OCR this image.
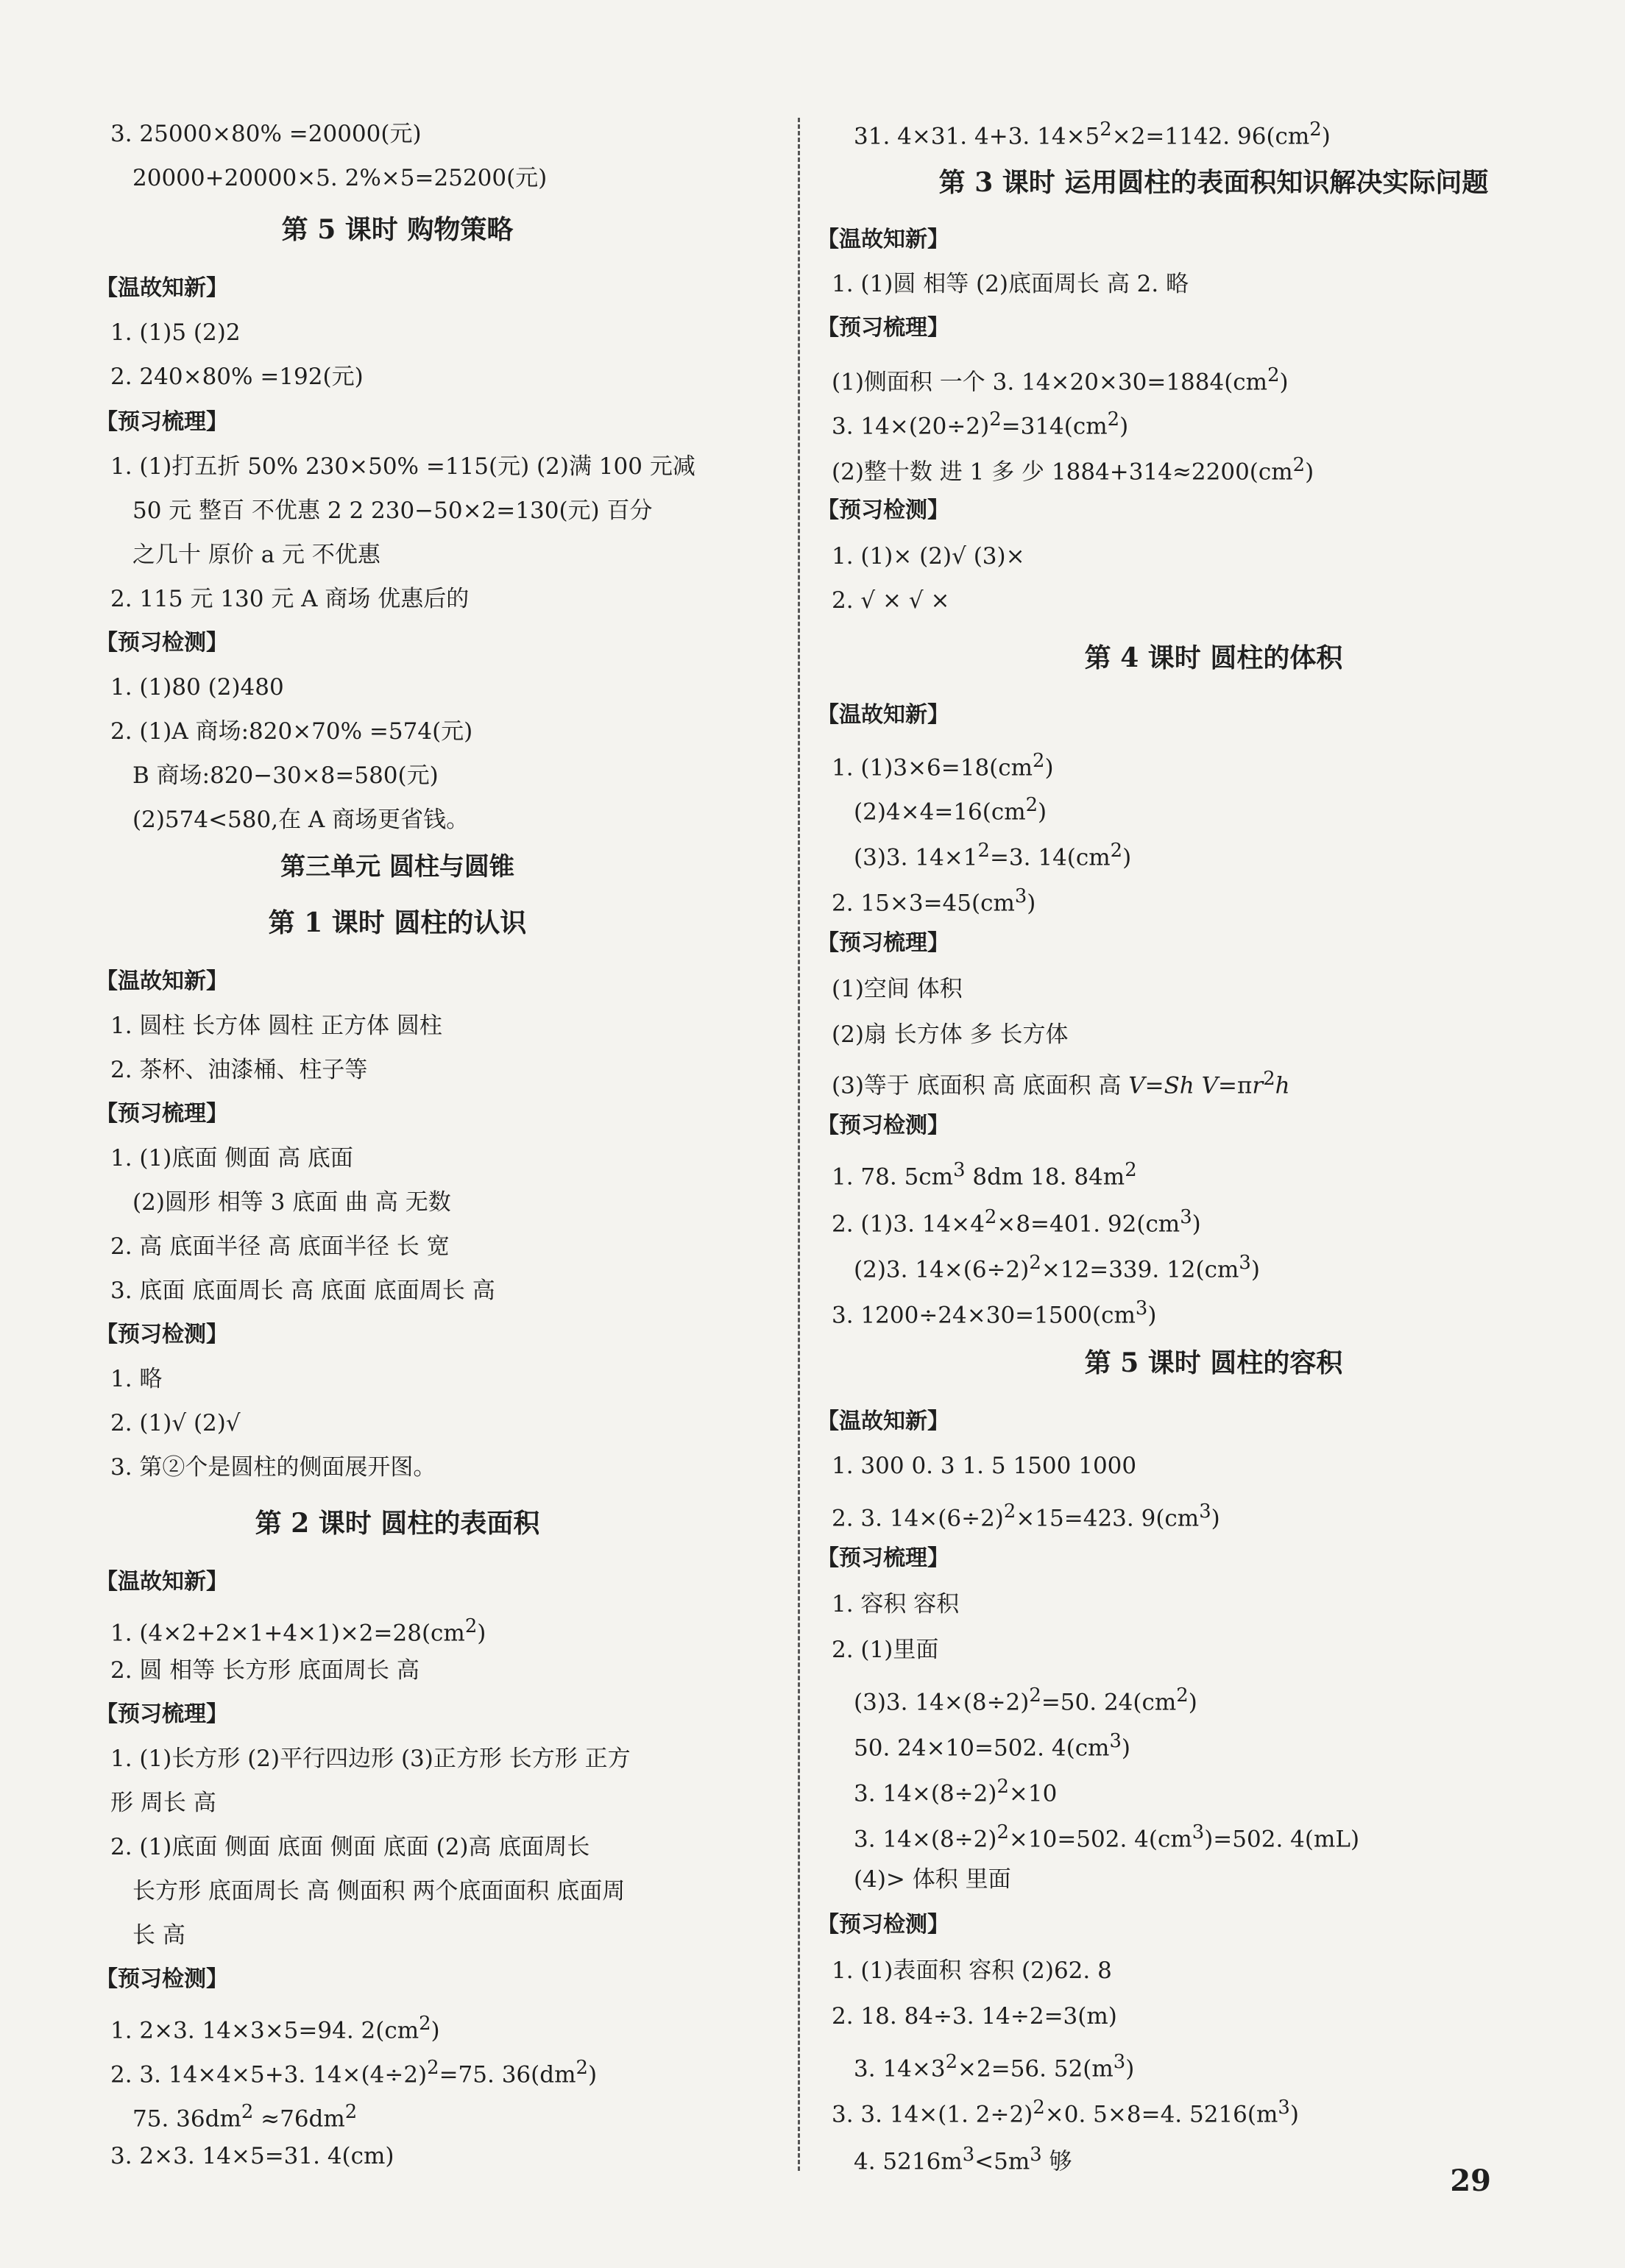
3. 25000×80% =20000(元)
20000+20000×5. 2%×5=25200(元)
第 5 课时 购物策略
【温故知新】
1. (1)5 (2)2
2. 240×80% =192(元)
【预习梳理】
1. (1)打五折 50% 230×50% =115(元) (2)满 100 元减
50 元 整百 不优惠 2 2 230−50×2=130(元) 百分
之几十 原价 a 元 不优惠
2. 115 元 130 元 A 商场 优惠后的
【预习检测】
1. (1)80 (2)480
2. (1)A 商场:820×70% =574(元)
B 商场:820−30×8=580(元)
(2)574<580,在 A 商场更省钱。
第三单元 圆柱与圆锥
第 1 课时 圆柱的认识
【温故知新】
1. 圆柱 长方体 圆柱 正方体 圆柱
2. 茶杯、油漆桶、柱子等
【预习梳理】
1. (1)底面 侧面 高 底面
(2)圆形 相等 3 底面 曲 高 无数
2. 高 底面半径 高 底面半径 长 宽
3. 底面 底面周长 高 底面 底面周长 高
【预习检测】
1. 略
2. (1)√ (2)√
3. 第②个是圆柱的侧面展开图。
第 2 课时 圆柱的表面积
【温故知新】
1. $(4\times 2+2\times 1+4\times 1)\times 2=28(cm^2)$
2. 圆 相等 长方形 底面周长 高
【预习梳理】
1. (1)长方形 (2)平行四边形 (3)正方形 长方形 正方
形 周长 高
2. (1)底面 侧面 底面 侧面 底面 (2)高 底面周长
长方形 底面周长 高 侧面积 两个底面面积 底面周
长 高
【预习检测】
1. 2×3. 14×3×5=94. $2(cm^2)$
2. 3. 14×4×5+3. $14\times(4\div 2)^2=75$. $36(dm^2)$
75. $36dm^2 \approx 76dm^2$
3. 2×3. 14×5=31. 4(cm)
31. 4×31. 4+3. $14\times 5^2\times 2=1142$. $96(cm^2)$
第 3 课时 运用圆柱的表面积知识解决实际问题
【温故知新】
1. (1)圆 相等 (2)底面周长 高 2. 略
【预习梳理】
(1)侧面积 一个 3. $14\times 20\times 30=1884(cm^2)$
3. $14\times(20\div 2)^2=314(cm^2)$
(2)整十数 进 1 多 少 $1884+314\approx 2200(cm^2)$
【预习检测】
1. (1)× (2)√ (3)×
2. √ × √ ×
第 4 课时 圆柱的体积
【温故知新】
1. $(1)3\times 6=18(cm^2)$
$(2)4\times 4=16(cm^2)$
(3)3. $14\times 1^2=3$. $14(cm^2)$
2. $15\times 3=45(cm^3)$
【预习梳理】
(1)空间 体积
(2)扇 长方体 多 长方体
(3)等于 底面积 高 底面积 高 V=Sh $V=\pi r^2h$
【预习检测】
1. 78. $5cm^3$ 8dm 18. $84m^2$
2. (1)3. $14\times 4^2\times 8=401$. $92(cm^3)$
(2)3. $14\times(6\div 2)^2\times 12=339$. $12(cm^3)$
3. $1200\div 24\times 30=1500(cm^3)$
第 5 课时 圆柱的容积
【温故知新】
1. 300 0. 3 1. 5 1500 1000
2. 3. $14\times(6\div 2)^2\times 15=423$. $9(cm^3)$
【预习梳理】
1. 容积 容积
2. (1)里面
(3)3. $14\times(8\div 2)^2=50$. $24(cm^2)$
50. 24×10=502. $4(cm^3)$
3. $14\times(8\div 2)^2\times 10$
3. $14\times(8\div 2)^2\times 10=502$. $4(cm^3)=502$. 4(mL)
(4)> 体积 里面
【预习检测】
1. (1)表面积 容积 (2)62. 8
2. 18. 84÷3. 14÷2=3(m)
3. $14\times 3^2\times 2=56$. $52(m^3)$
3. 3. 14×(1. 2÷2)$^2$×0. 5×8=4. $5216(m^3)$
4. $5216m^3<5m^3$ 够
29
